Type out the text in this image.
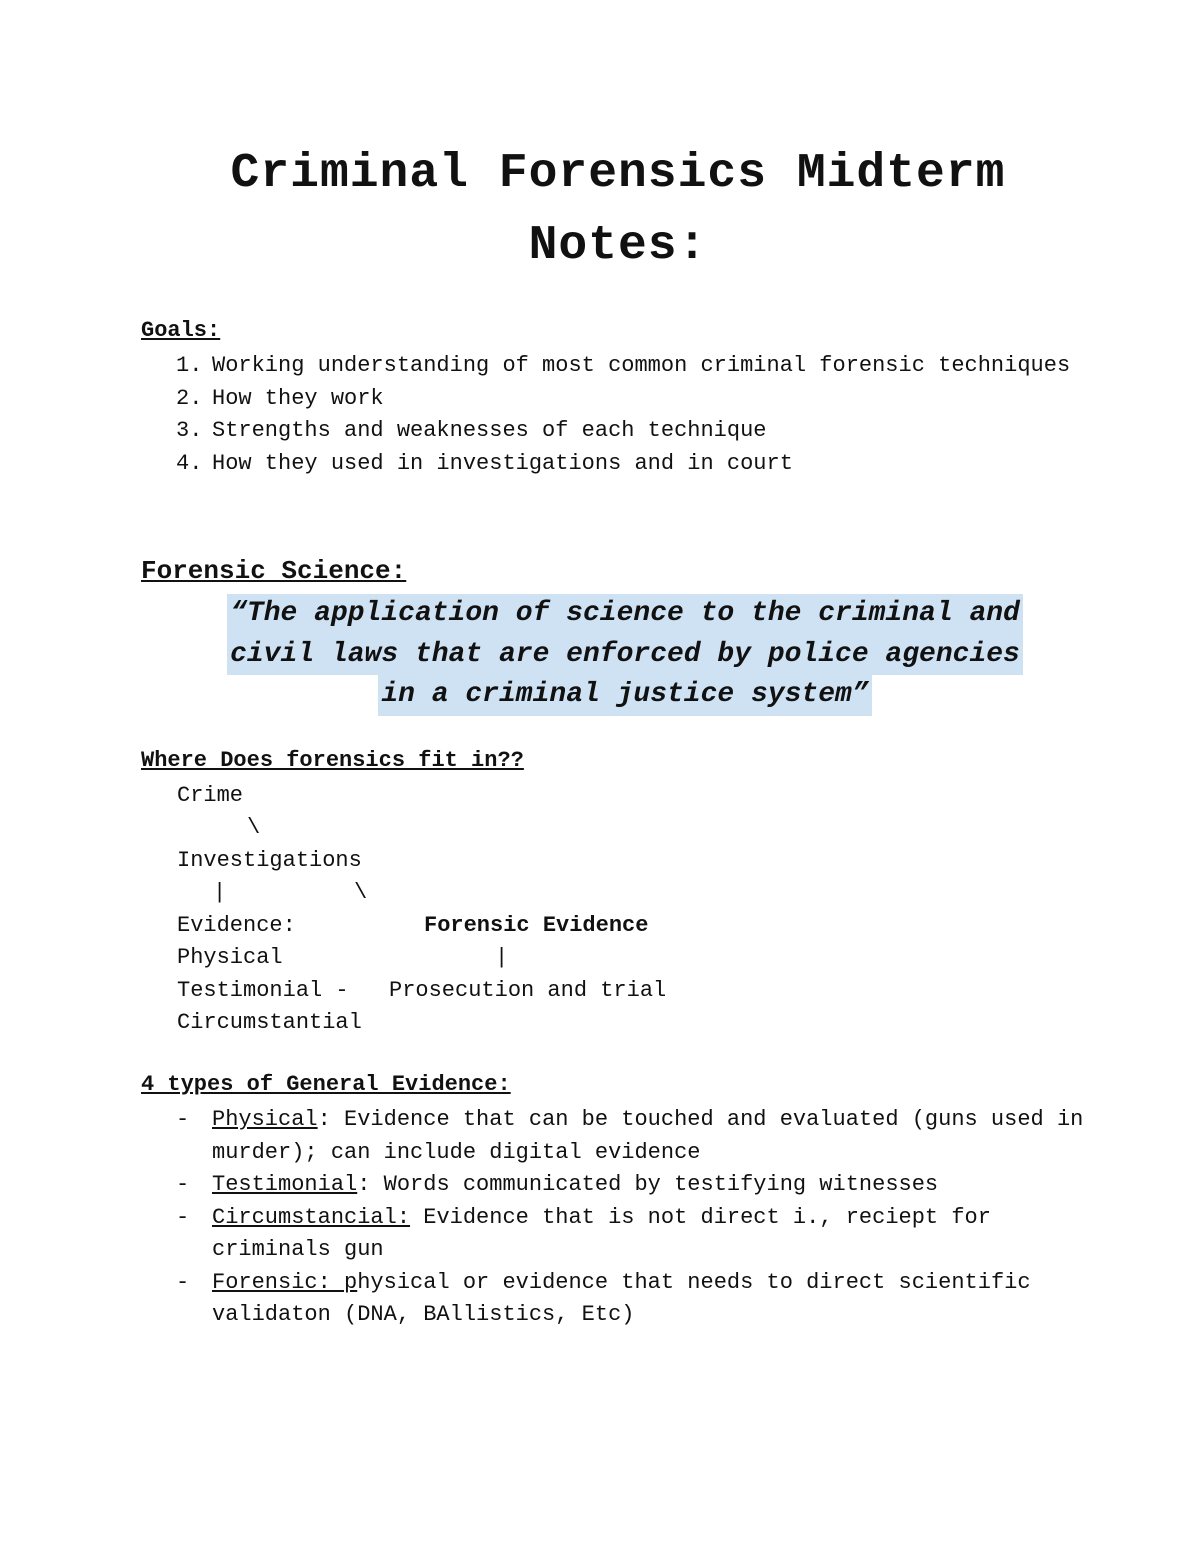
Criminal Forensics Midterm
Notes:
Goals:
1. Working understanding of most common criminal forensic techniques
2. How they work
3. Strengths and weaknesses of each technique
4. How they used in investigations and in court
Forensic Science:
“The application of science to the criminal and
civil laws that are enforced by police agencies
in a criminal justice system”
Where Does forensics fit in??
Crime
\
Investigations
|	\
Evidence:	Forensic Evidence
Physical	|
Testimonial - Prosecution and trial
Circumstantial
4 types of General Evidence:
- Physical: Evidence that can be touched and evaluated (guns used in murder); can include digital evidence
- Testimonial: Words communicated by testifying witnesses
- Circumstancial: Evidence that is not direct i., reciept for criminals gun
- Forensic: physical or evidence that needs to direct scientific validaton (DNA, BAllistics, Etc)
